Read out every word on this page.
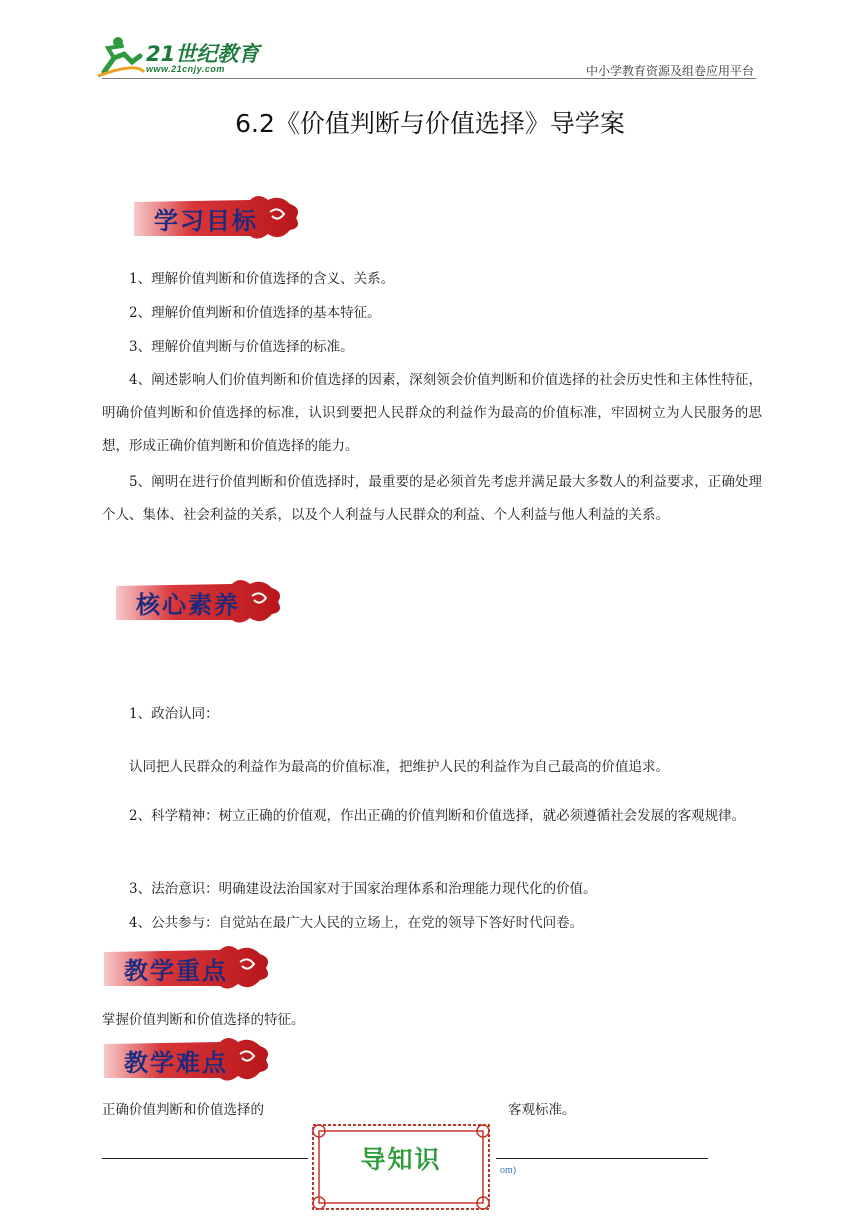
21世纪教育
www.21cnjy.com	中小学教育资源及组卷应用平台
6.2《价值判断与价值选择》导学案
学习目标
1、理解价值判断和价值选择的含义、关系。
2、理解价值判断和价值选择的基本特征。
3、理解价值判断与价值选择的标准。
4、阐述影响人们价值判断和价值选择的因素，深刻领会价值判断和价值选择的社会历史性和主体性特征，明确价值判断和价值选择的标准，认识到要把人民群众的利益作为最高的价值标准，牢固树立为人民服务的思想，形成正确价值判断和价值选择的能力。
5、阐明在进行价值判断和价值选择时，最重要的是必须首先考虑并满足最大多数人的利益要求，正确处理个人、集体、社会利益的关系，以及个人利益与人民群众的利益、个人利益与他人利益的关系。
核心素养
1、政治认同：
认同把人民群众的利益作为最高的价值标准，把维护人民的利益作为自己最高的价值追求。
2、科学精神：树立正确的价值观，作出正确的价值判断和价值选择，就必须遵循社会发展的客观规律。
3、法治意识：明确建设法治国家对于国家治理体系和治理能力现代化的价值。
4、公共参与：自觉站在最广大人民的立场上，在党的领导下答好时代问卷。
教学重点
掌握价值判断和价值选择的特征。
教学难点
正确价值判断和价值选择的	客观标准。
导知识	om)
